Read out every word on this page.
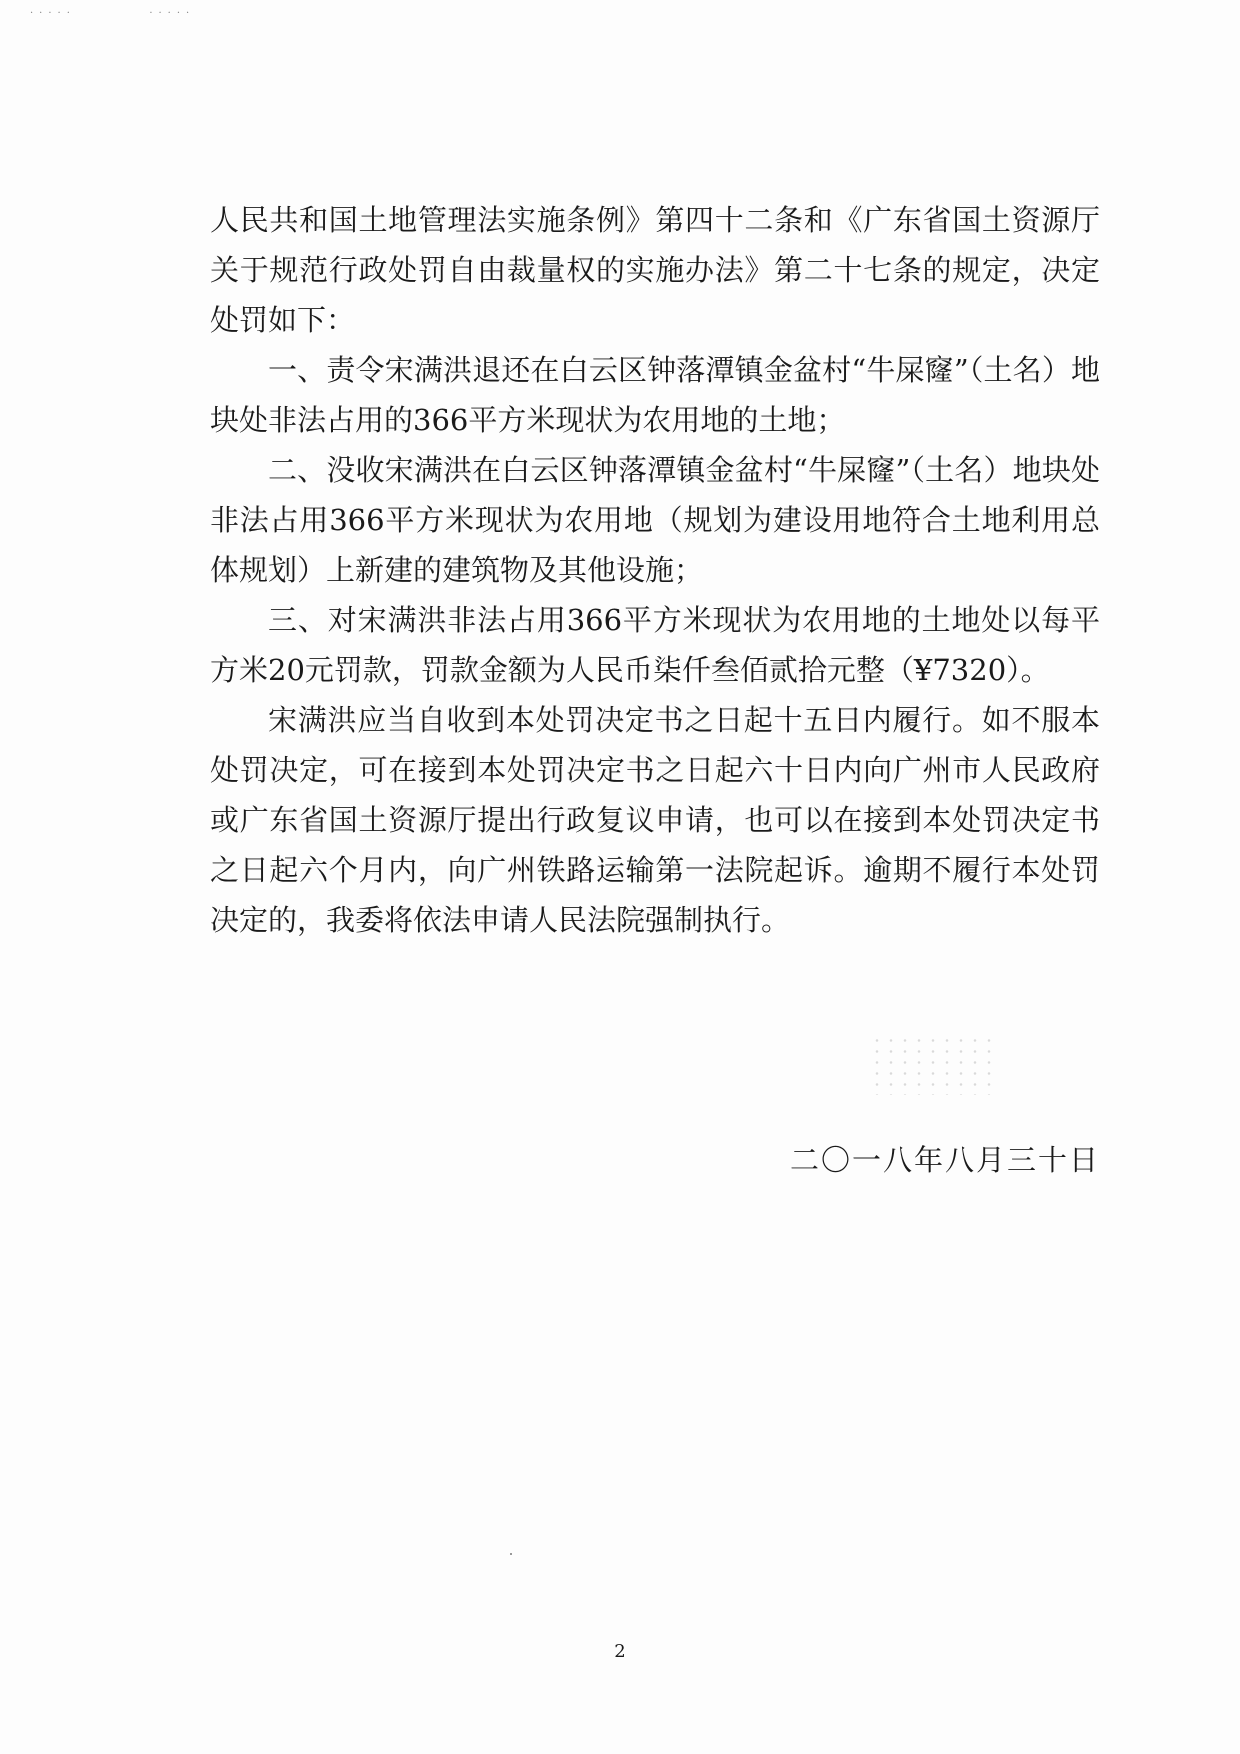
·····        ·····

人民共和国土地管理法实施条例》第四十二条和《广东省国土资源厅关于规范行政处罚自由裁量权的实施办法》第二十七条的规定，决定处罚如下：

一、责令宋满洪退还在白云区钟落潭镇金盆村“牛屎窿”（土名）地块处非法占用的366平方米现状为农用地的土地；

二、没收宋满洪在白云区钟落潭镇金盆村“牛屎窿”（土名）地块处非法占用366平方米现状为农用地（规划为建设用地符合土地利用总体规划）上新建的建筑物及其他设施；

三、对宋满洪非法占用366平方米现状为农用地的土地处以每平方米20元罚款，罚款金额为人民币柒仟叁佰贰拾元整（¥7320）。

宋满洪应当自收到本处罚决定书之日起十五日内履行。如不服本处罚决定，可在接到本处罚决定书之日起六十日内向广州市人民政府或广东省国土资源厅提出行政复议申请，也可以在接到本处罚决定书之日起六个月内，向广州铁路运输第一法院起诉。逾期不履行本处罚决定的，我委将依法申请人民法院强制执行。

二〇一八年八月三十日
2
